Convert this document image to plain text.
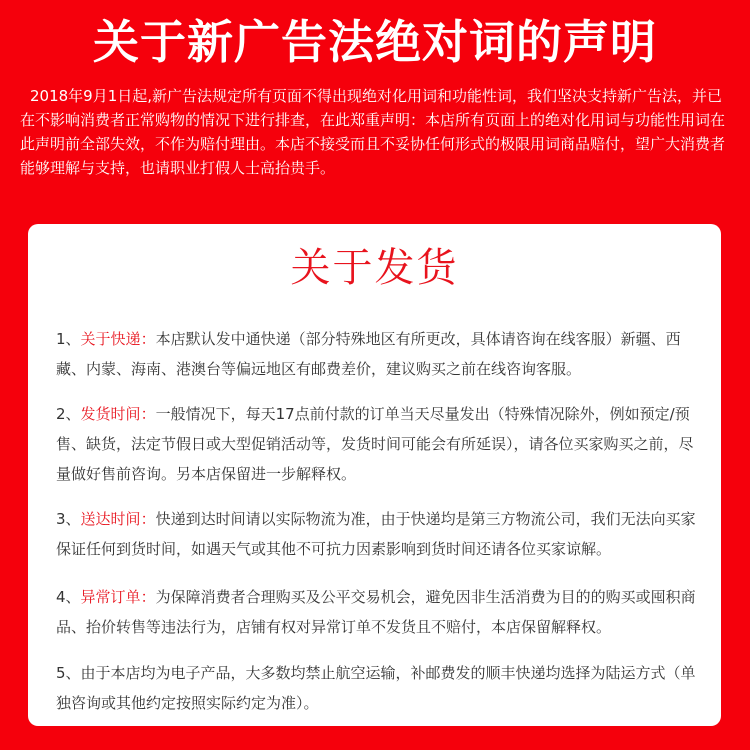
关于新广告法绝对词的声明
2018年9月1日起,新广告法规定所有页面不得出现绝对化用词和功能性词，我们坚决支持新广告法，并已在不影响消费者正常购物的情况下进行排查，在此郑重声明：本店所有页面上的绝对化用词与功能性用词在此声明前全部失效，不作为赔付理由。本店不接受而且不妥协任何形式的极限用词商品赔付，望广大消费者能够理解与支持，也请职业打假人士高抬贵手。
关于发货
1、关于快递：本店默认发中通快递（部分特殊地区有所更改，具体请咨询在线客服）新疆、西藏、内蒙、海南、港澳台等偏远地区有邮费差价，建议购买之前在线咨询客服。
2、发货时间：一般情况下，每天17点前付款的订单当天尽量发出（特殊情况除外，例如预定/预售、缺货，法定节假日或大型促销活动等，发货时间可能会有所延误），请各位买家购买之前，尽量做好售前咨询。另本店保留进一步解释权。
3、送达时间：快递到达时间请以实际物流为准，由于快递均是第三方物流公司，我们无法向买家保证任何到货时间，如遇天气或其他不可抗力因素影响到货时间还请各位买家谅解。
4、异常订单：为保障消费者合理购买及公平交易机会，避免因非生活消费为目的的购买或囤积商品、抬价转售等违法行为，店铺有权对异常订单不发货且不赔付，本店保留解释权。
5、由于本店均为电子产品，大多数均禁止航空运输，补邮费发的顺丰快递均选择为陆运方式（单独咨询或其他约定按照实际约定为准）。
